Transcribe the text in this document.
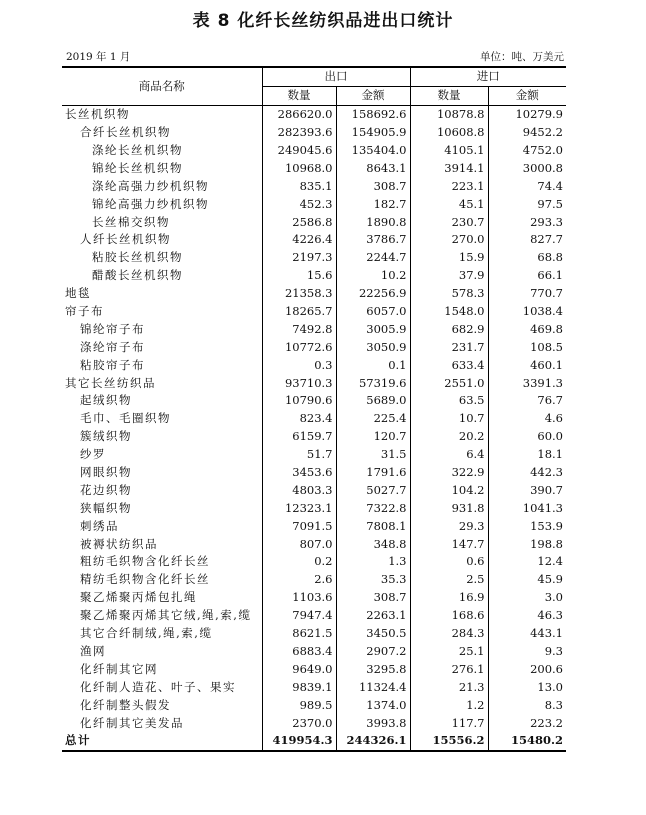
表 8 化纤长丝纺织品进出口统计
2019 年 1 月	单位：吨、万美元
商品名称	出口		进口	
	数量	金额	数量	金额
长丝机织物	286620.0	158692.6	10878.8	10279.9
合纤长丝机织物	282393.6	154905.9	10608.8	9452.2
涤纶长丝机织物	249045.6	135404.0	4105.1	4752.0
锦纶长丝机织物	10968.0	8643.1	3914.1	3000.8
涤纶高强力纱机织物	835.1	308.7	223.1	74.4
锦纶高强力纱机织物	452.3	182.7	45.1	97.5
长丝棉交织物	2586.8	1890.8	230.7	293.3
人纤长丝机织物	4226.4	3786.7	270.0	827.7
粘胶长丝机织物	2197.3	2244.7	15.9	68.8
醋酸长丝机织物	15.6	10.2	37.9	66.1
地毯	21358.3	22256.9	578.3	770.7
帘子布	18265.7	6057.0	1548.0	1038.4
锦纶帘子布	7492.8	3005.9	682.9	469.8
涤纶帘子布	10772.6	3050.9	231.7	108.5
粘胶帘子布	0.3	0.1	633.4	460.1
其它长丝纺织品	93710.3	57319.6	2551.0	3391.3
起绒织物	10790.6	5689.0	63.5	76.7
毛巾、毛圈织物	823.4	225.4	10.7	4.6
簇绒织物	6159.7	120.7	20.2	60.0
纱罗	51.7	31.5	6.4	18.1
网眼织物	3453.6	1791.6	322.9	442.3
花边织物	4803.3	5027.7	104.2	390.7
狭幅织物	12323.1	7322.8	931.8	1041.3
刺绣品	7091.5	7808.1	29.3	153.9
被褥状纺织品	807.0	348.8	147.7	198.8
粗纺毛织物含化纤长丝	0.2	1.3	0.6	12.4
精纺毛织物含化纤长丝	2.6	35.3	2.5	45.9
聚乙烯聚丙烯包扎绳	1103.6	308.7	16.9	3.0
聚乙烯聚丙烯其它绒,绳,索,缆	7947.4	2263.1	168.6	46.3
其它合纤制绒,绳,索,缆	8621.5	3450.5	284.3	443.1
渔网	6883.4	2907.2	25.1	9.3
化纤制其它网	9649.0	3295.8	276.1	200.6
化纤制人造花、叶子、果实	9839.1	11324.4	21.3	13.0
化纤制整头假发	989.5	1374.0	1.2	8.3
化纤制其它美发品	2370.0	3993.8	117.7	223.2
总计	419954.3	244326.1	15556.2	15480.2
